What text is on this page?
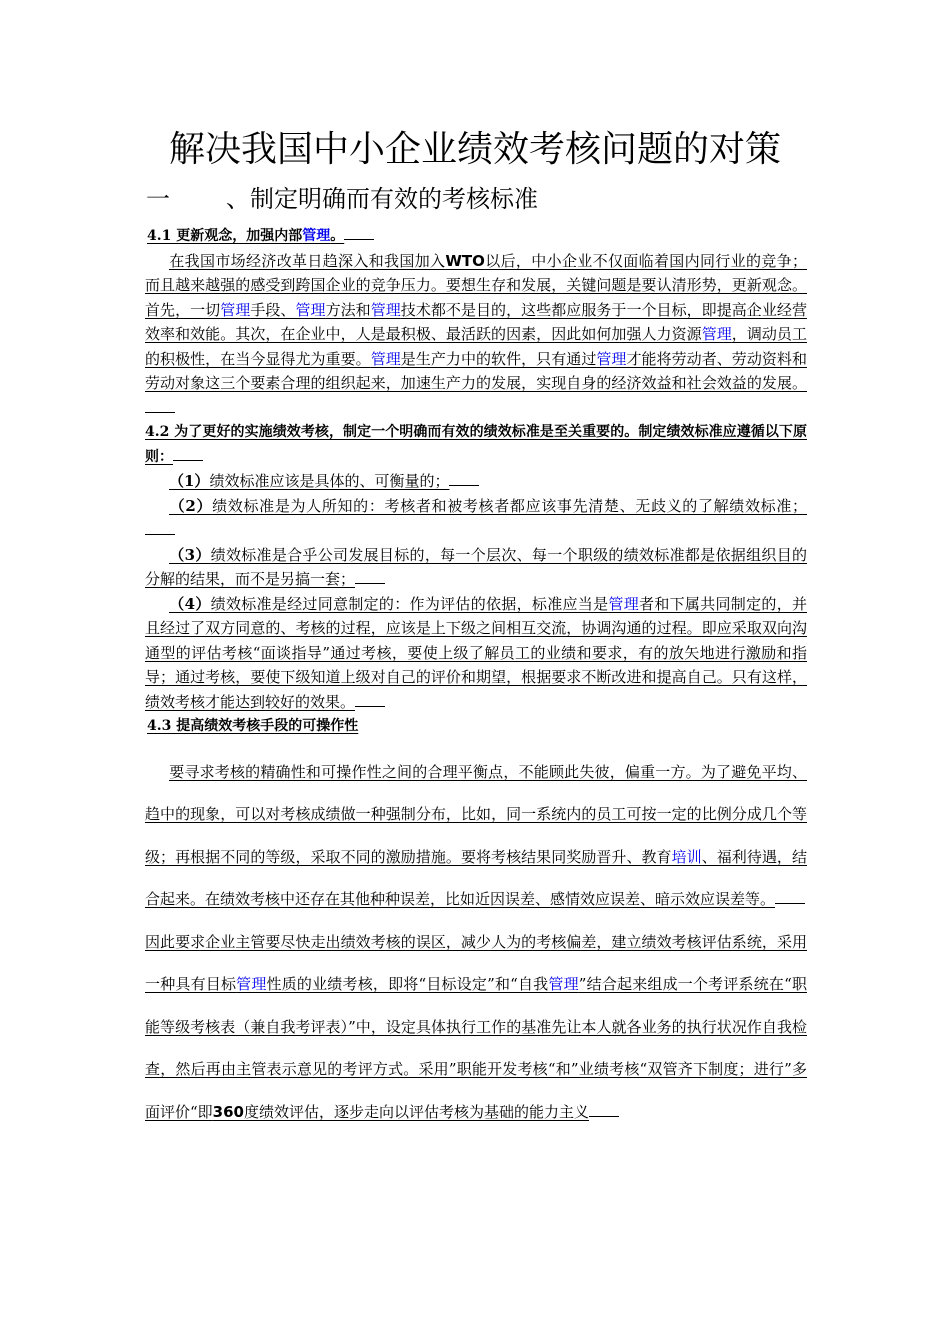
解决我国中小企业绩效考核问题的对策
一 、制定明确而有效的考核标准

4.1 更新观念，加强内部管理。

在我国市场经济改革日趋深入和我国加入WTO以后，中小企业不仅面临着国内同行业的竞争；而且越来越强的感受到跨国企业的竞争压力。要想生存和发展，关键问题是要认清形势，更新观念。首先，一切管理手段、管理方法和管理技术都不是目的，这些都应服务于一个目标，即提高企业经营效率和效能。其次，在企业中，人是最积极、最活跃的因素，因此如何加强人力资源管理，调动员工的积极性，在当今显得尤为重要。管理是生产力中的软件，只有通过管理才能将劳动者、劳动资料和劳动对象这三个要素合理的组织起来，加速生产力的发展，实现自身的经济效益和社会效益的发展。

4.2 为了更好的实施绩效考核，制定一个明确而有效的绩效标准是至关重要的。制定绩效标准应遵循以下原则：

（1）绩效标准应该是具体的、可衡量的；

（2）绩效标准是为人所知的：考核者和被考核者都应该事先清楚、无歧义的了解绩效标准；

（3）绩效标准是合乎公司发展目标的，每一个层次、每一个职级的绩效标准都是依据组织目的分解的结果，而不是另搞一套；

（4）绩效标准是经过同意制定的：作为评估的依据，标准应当是管理者和下属共同制定的，并且经过了双方同意的、考核的过程，应该是上下级之间相互交流，协调沟通的过程。即应采取双向沟通型的评估考核“面谈指导”通过考核，要使上级了解员工的业绩和要求，有的放矢地进行激励和指导；通过考核，要使下级知道上级对自己的评价和期望，根据要求不断改进和提高自己。只有这样，绩效考核才能达到较好的效果。

4.3 提高绩效考核手段的可操作性

要寻求考核的精确性和可操作性之间的合理平衡点，不能顾此失彼，偏重一方。为了避免平均、趋中的现象，可以对考核成绩做一种强制分布，比如，同一系统内的员工可按一定的比例分成几个等级；再根据不同的等级，采取不同的激励措施。要将考核结果同奖励晋升、教育培训、福利待遇，结合起来。在绩效考核中还存在其他种种误差，比如近因误差、感情效应误差、暗示效应误差等。

因此要求企业主管要尽快走出绩效考核的误区，减少人为的考核偏差，建立绩效考核评估系统，采用一种具有目标管理性质的业绩考核，即将“目标设定”和“自我管理”结合起来组成一个考评系统在“职能等级考核表（兼自我考评表）”中，设定具体执行工作的基准先让本人就各业务的执行状况作自我检查，然后再由主管表示意见的考评方式。采用”职能开发考核“和”业绩考核“双管齐下制度；进行”多面评价“即360度绩效评估，逐步走向以评估考核为基础的能力主义
